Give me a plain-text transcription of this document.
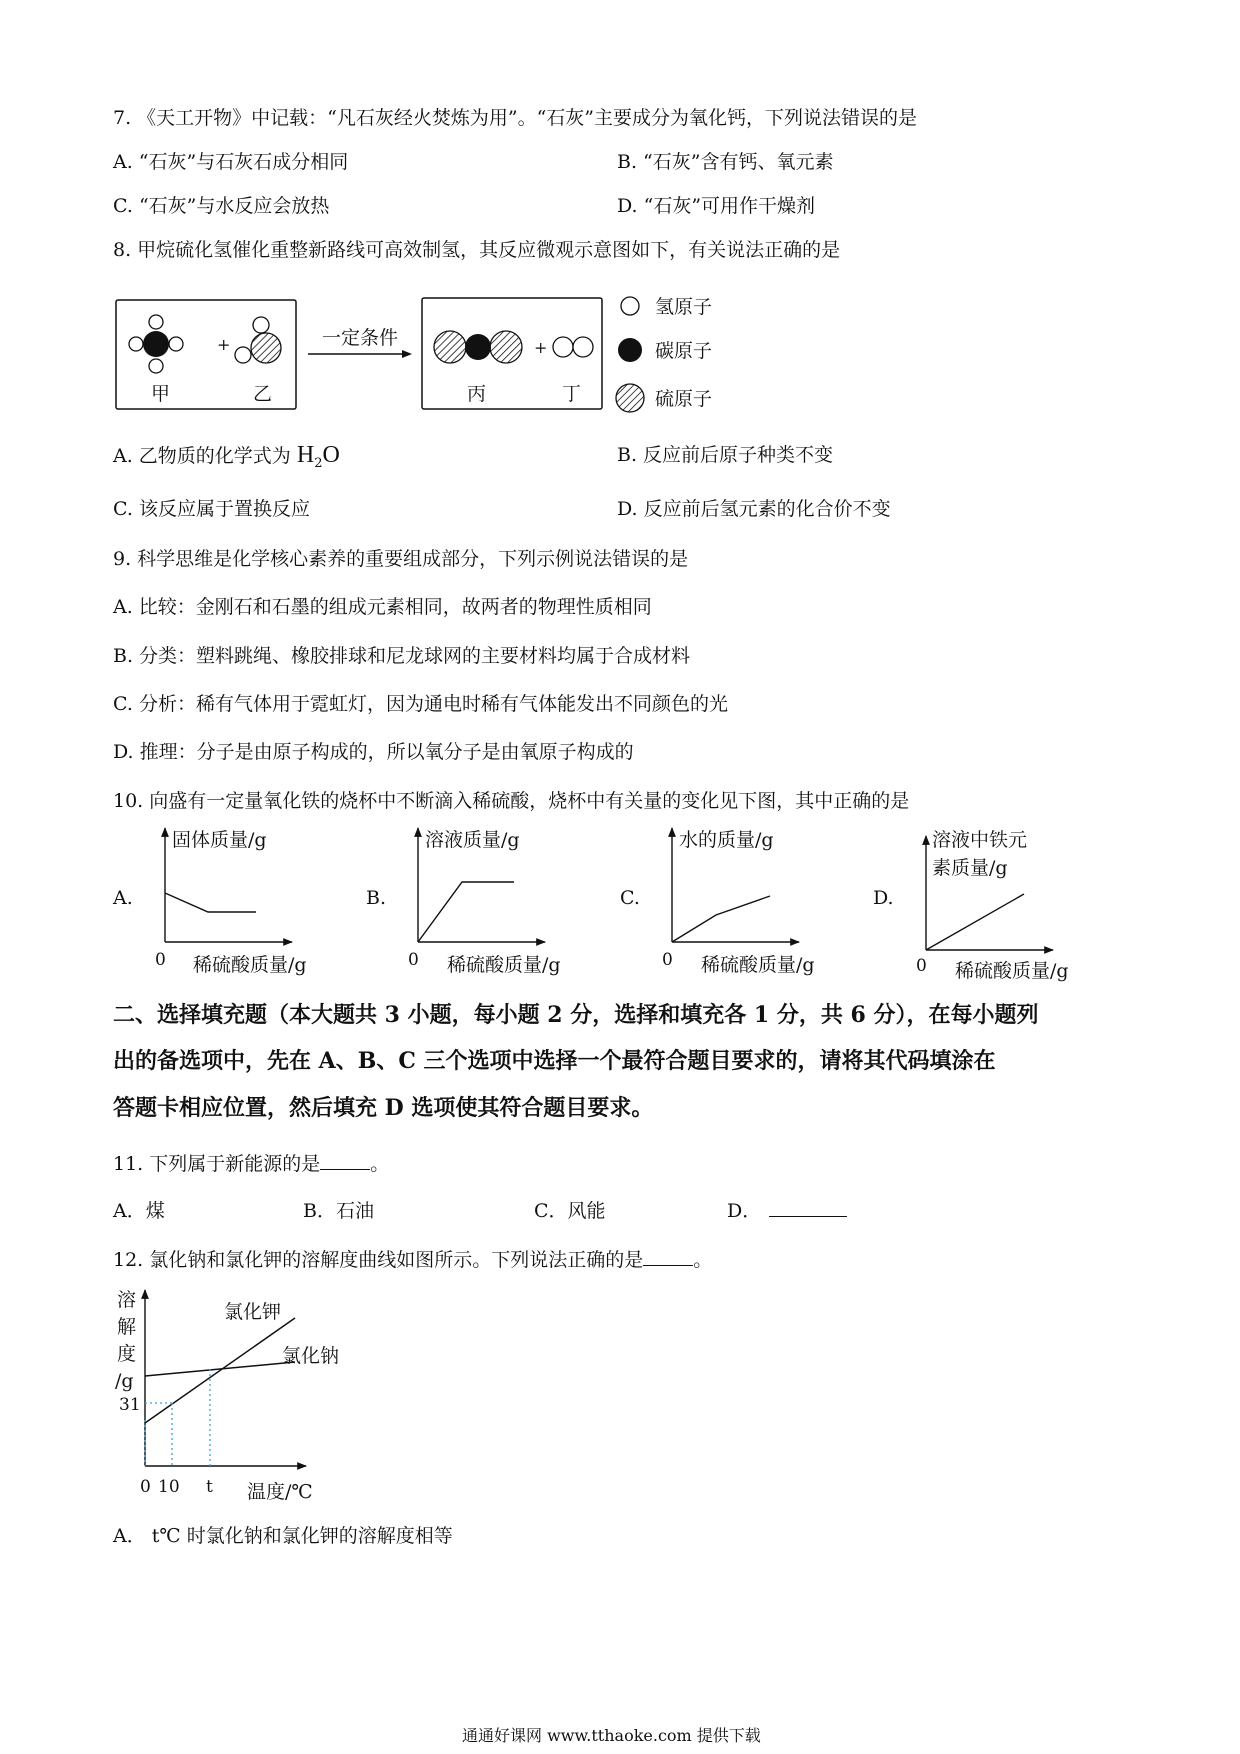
7. 《天工开物》中记载：“凡石灰经火焚炼为用”。“石灰”主要成分为氧化钙，下列说法错误的是
A. “石灰”与石灰石成分相同	B. “石灰”含有钙、氧元素
C. “石灰”与水反应会放热	D. “石灰”可用作干燥剂
8. 甲烷硫化氢催化重整新路线可高效制氢，其反应微观示意图如下，有关说法正确的是
+
甲	乙
一定条件	+
丙	丁
氢原子
碳原子
硫原子
A. 乙物质的化学式为 $H_2O$	B. 反应前后原子种类不变
C. 该反应属于置换反应	D. 反应前后氢元素的化合价不变
9. 科学思维是化学核心素养的重要组成部分，下列示例说法错误的是
A. 比较：金刚石和石墨的组成元素相同，故两者的物理性质相同
B. 分类：塑料跳绳、橡胶排球和尼龙球网的主要材料均属于合成材料
C. 分析：稀有气体用于霓虹灯，因为通电时稀有气体能发出不同颜色的光
D. 推理：分子是由原子构成的，所以氧分子是由氧原子构成的
10. 向盛有一定量氧化铁的烧杯中不断滴入稀硫酸，烧杯中有关量的变化见下图，其中正确的是
A.
固体质量/g
稀硫酸质量/g
0
B.
溶液质量/g
稀硫酸质量/g
0
C.
水的质量/g
稀硫酸质量/g
0
D.
溶液中铁元
素质量/g
稀硫酸质量/g
0
二、选择填充题（本大题共 3 小题，每小题 2 分，选择和填充各 1 分，共 6 分），在每小题列
出的备选项中，先在 A、B、C 三个选项中选择一个最符合题目要求的，请将其代码填涂在
答题卡相应位置，然后填充 D 选项使其符合题目要求。
11. 下列属于新能源的是	。
A．煤	B．石油	C．风能	D．
12. 氯化钠和氯化钾的溶解度曲线如图所示。下列说法正确的是	。
溶
解
度
/g
氯化钾
氯化钠
31
0 10 t 温度/℃
A． t℃ 时氯化钠和氯化钾的溶解度相等
通通好课网 www.tthaoke.com 提供下载
